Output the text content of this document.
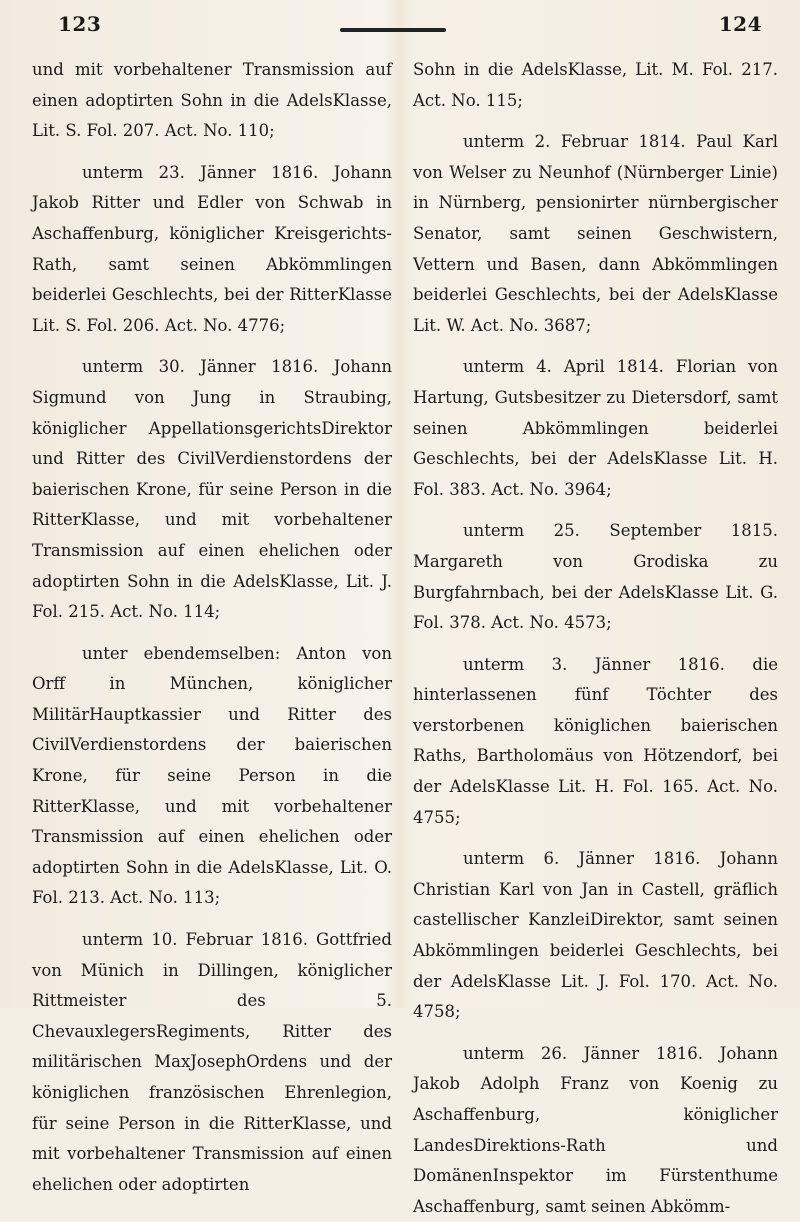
123	124

und mit vorbehaltener Transmission auf einen adoptirten Sohn in die AdelsKlasse, Lit. S. Fol. 207. Act. No. 110;

unterm 23. Jänner 1816. Johann Jakob Ritter und Edler von Schwab in Aschaffenburg, königlicher Kreisgerichts-Rath, samt seinen Abkömmlingen beiderlei Geschlechts, bei der RitterKlasse Lit. S. Fol. 206. Act. No. 4776;

unterm 30. Jänner 1816. Johann Sigmund von Jung in Straubing, königlicher AppellationsgerichtsDirektor und Ritter des CivilVerdienstordens der baierischen Krone, für seine Person in die RitterKlasse, und mit vorbehaltener Transmission auf einen ehelichen oder adoptirten Sohn in die AdelsKlasse, Lit. J. Fol. 215. Act. No. 114;

unter ebendemselben: Anton von Orff in München, königlicher MilitärHauptkassier und Ritter des CivilVerdienstordens der baierischen Krone, für seine Person in die RitterKlasse, und mit vorbehaltener Transmission auf einen ehelichen oder adoptirten Sohn in die AdelsKlasse, Lit. O. Fol. 213. Act. No. 113;

unterm 10. Februar 1816. Gottfried von Münich in Dillingen, königlicher Rittmeister des 5. ChevauxlegersRegiments, Ritter des militärischen MaxJosephOrdens und der königlichen französischen Ehrenlegion, für seine Person in die RitterKlasse, und mit vorbehaltener Transmission auf einen ehelichen oder adoptirten

Sohn in die AdelsKlasse, Lit. M. Fol. 217. Act. No. 115;

unterm 2. Februar 1814. Paul Karl von Welser zu Neunhof (Nürnberger Linie) in Nürnberg, pensionirter nürnbergischer Senator, samt seinen Geschwistern, Vettern und Basen, dann Abkömmlingen beiderlei Geschlechts, bei der AdelsKlasse Lit. W. Act. No. 3687;

unterm 4. April 1814. Florian von Hartung, Gutsbesitzer zu Dietersdorf, samt seinen Abkömmlingen beiderlei Geschlechts, bei der AdelsKlasse Lit. H. Fol. 383. Act. No. 3964;

unterm 25. September 1815. Margareth von Grodiska zu Burgfahrnbach, bei der AdelsKlasse Lit. G. Fol. 378. Act. No. 4573;

unterm 3. Jänner 1816. die hinterlassenen fünf Töchter des verstorbenen königlichen baierischen Raths, Bartholomäus von Hötzendorf, bei der AdelsKlasse Lit. H. Fol. 165. Act. No. 4755;

unterm 6. Jänner 1816. Johann Christian Karl von Jan in Castell, gräflich castellischer KanzleiDirektor, samt seinen Abkömmlingen beiderlei Geschlechts, bei der AdelsKlasse Lit. J. Fol. 170. Act. No. 4758;

unterm 26. Jänner 1816. Johann Jakob Adolph Franz von Koenig zu Aschaffenburg, königlicher LandesDirektions-Rath und DomänenInspektor im Fürstenthume Aschaffenburg, samt seinen Abkömm-
